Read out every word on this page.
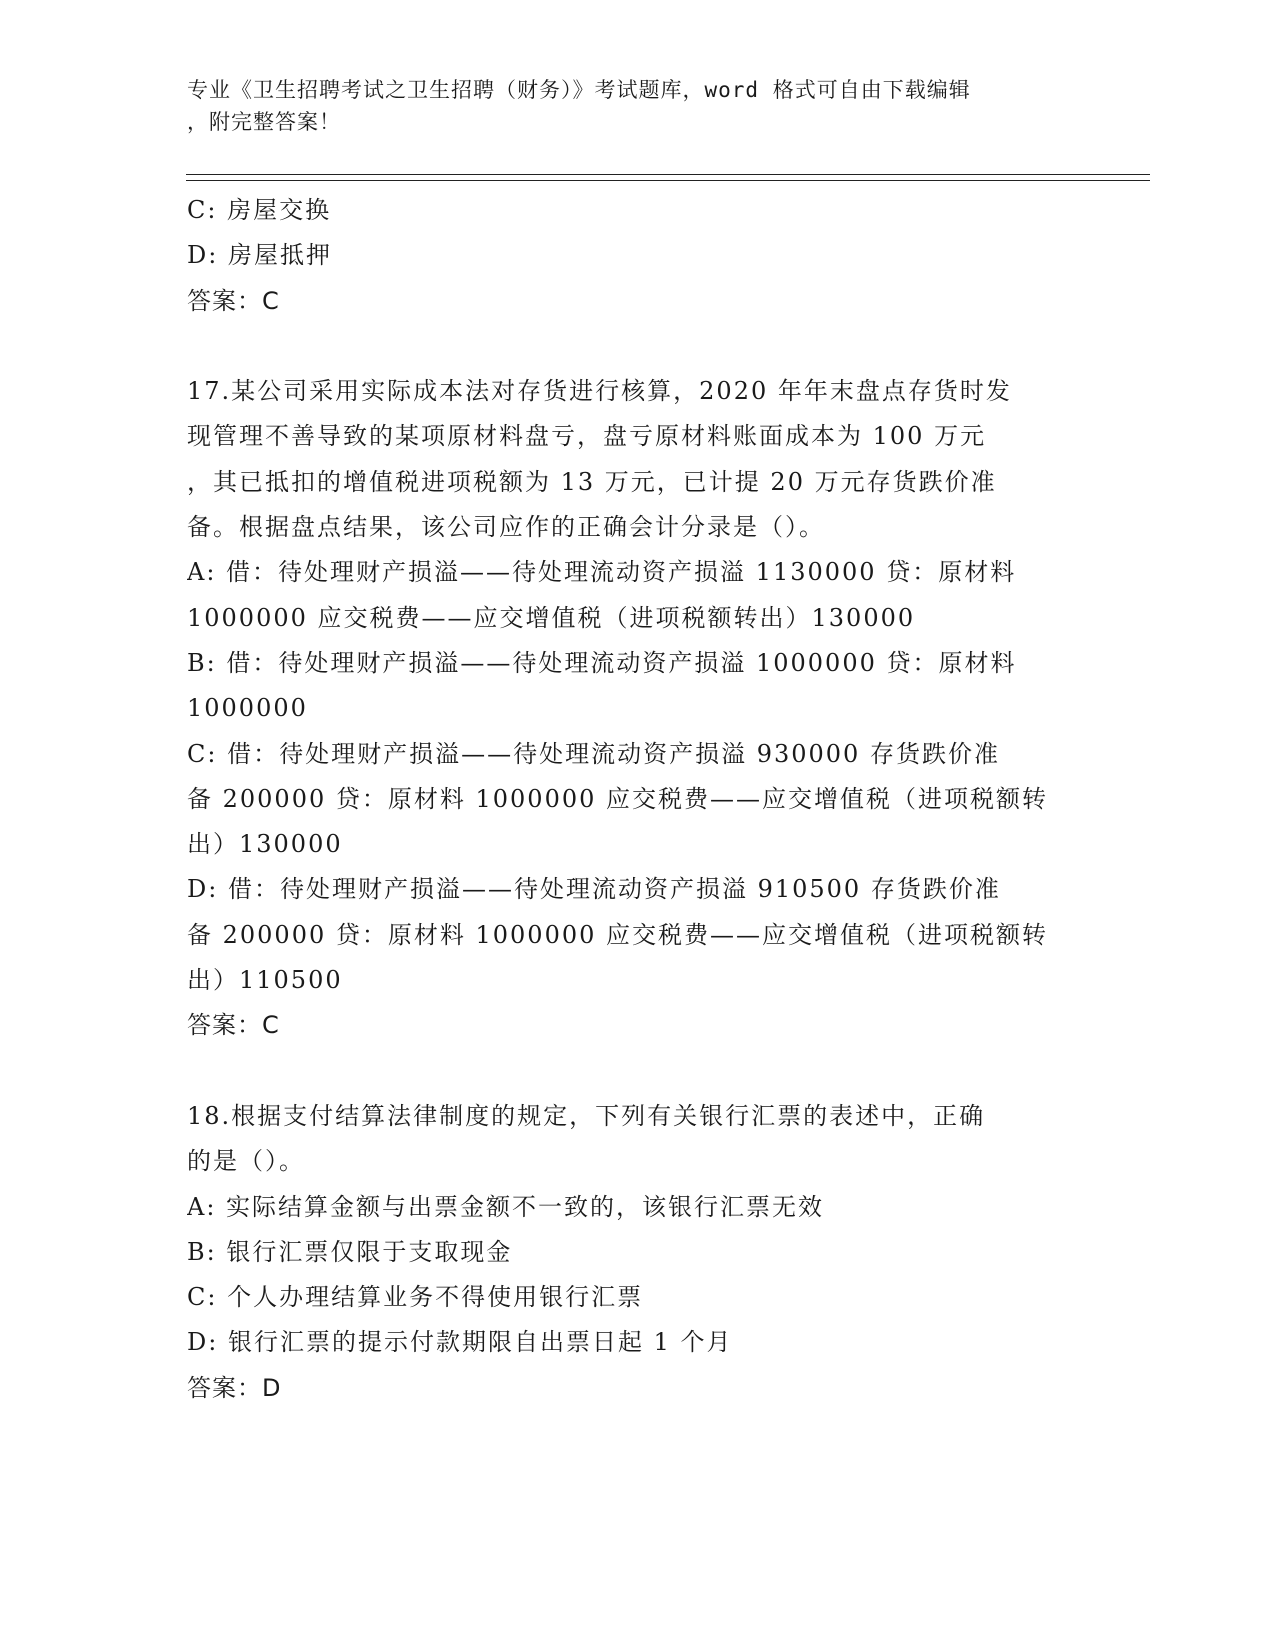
专业《卫生招聘考试之卫生招聘（财务）》考试题库，word 格式可自由下载编辑
，附完整答案！
C: 房屋交换
D: 房屋抵押
答案：C
17.某公司采用实际成本法对存货进行核算，2020 年年末盘点存货时发
现管理不善导致的某项原材料盘亏，盘亏原材料账面成本为 100 万元
，其已抵扣的增值税进项税额为 13 万元，已计提 20 万元存货跌价准
备。根据盘点结果，该公司应作的正确会计分录是（）。
A: 借：待处理财产损溢——待处理流动资产损溢 1130000 贷：原材料
1000000 应交税费——应交增值税（进项税额转出）130000
B: 借：待处理财产损溢——待处理流动资产损溢 1000000 贷：原材料
1000000
C: 借：待处理财产损溢——待处理流动资产损溢 930000 存货跌价准
备 200000 贷：原材料 1000000 应交税费——应交增值税（进项税额转
出）130000
D: 借：待处理财产损溢——待处理流动资产损溢 910500 存货跌价准
备 200000 贷：原材料 1000000 应交税费——应交增值税（进项税额转
出）110500
答案：C
18.根据支付结算法律制度的规定，下列有关银行汇票的表述中，正确
的是（）。
A: 实际结算金额与出票金额不一致的，该银行汇票无效
B: 银行汇票仅限于支取现金
C: 个人办理结算业务不得使用银行汇票
D: 银行汇票的提示付款期限自出票日起 1 个月
答案：D
